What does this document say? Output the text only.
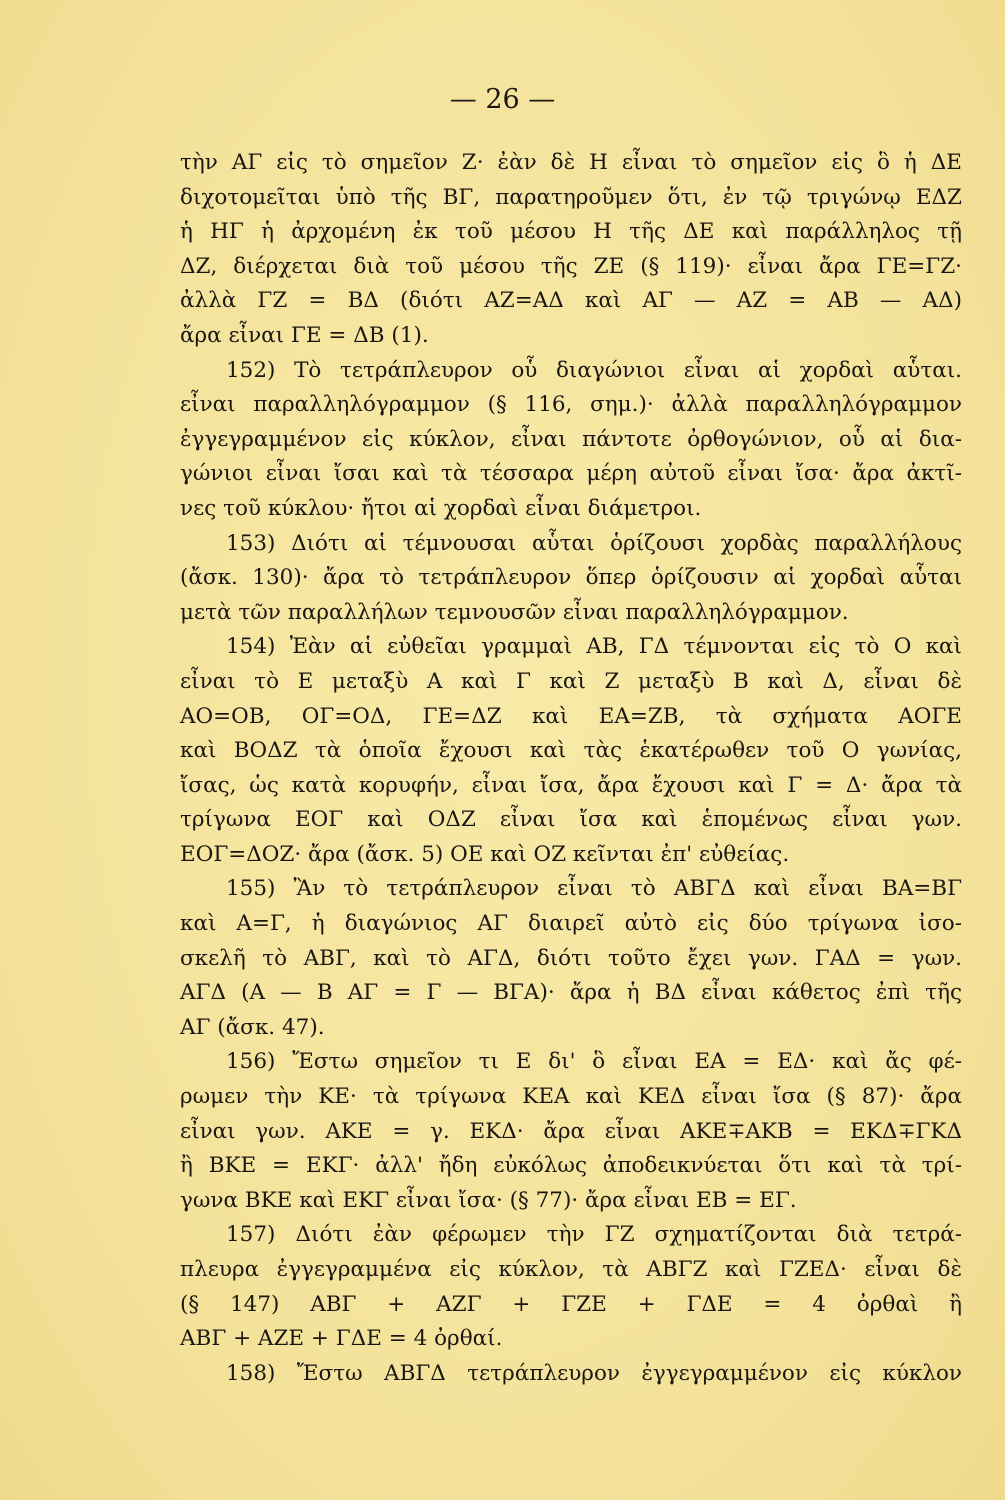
— 26 —
τὴν ΑΓ εἰς τὸ σημεῖον Ζ· ἐὰν δὲ Η εἶναι τὸ σημεῖον εἰς ὃ ἡ ΔΕ
διχοτομεῖται ὑπὸ τῆς ΒΓ, παρατηροῦμεν ὅτι, ἐν τῷ τριγώνῳ ΕΔΖ
ἡ ΗΓ ἡ ἀρχομένη ἐκ τοῦ μέσου Η τῆς ΔΕ καὶ παράλληλος τῇ
ΔΖ, διέρχεται διὰ τοῦ μέσου τῆς ΖΕ (§ 119)· εἶναι ἄρα ΓΕ=ΓΖ·
ἀλλὰ ΓΖ = ΒΔ (διότι ΑΖ=ΑΔ καὶ ΑΓ — ΑΖ = ΑΒ — ΑΔ)
ἄρα εἶναι ΓΕ = ΔΒ (1).
152) Τὸ τετράπλευρον οὗ διαγώνιοι εἶναι αἱ χορδαὶ αὗται.
εἶναι παραλληλόγραμμον (§ 116, σημ.)· ἀλλὰ παραλληλόγραμμον
ἐγγεγραμμένον εἰς κύκλον, εἶναι πάντοτε ὀρθογώνιον, οὗ αἱ δια-
γώνιοι εἶναι ἴσαι καὶ τὰ τέσσαρα μέρη αὐτοῦ εἶναι ἴσα· ἄρα ἀκτῖ-
νες τοῦ κύκλου· ἤτοι αἱ χορδαὶ εἶναι διάμετροι.
153) Διότι αἱ τέμνουσαι αὗται ὁρίζουσι χορδὰς παραλλήλους
(ἄσκ. 130)· ἄρα τὸ τετράπλευρον ὅπερ ὁρίζουσιν αἱ χορδαὶ αὗται
μετὰ τῶν παραλλήλων τεμνουσῶν εἶναι παραλληλόγραμμον.
154) Ἐὰν αἱ εὐθεῖαι γραμμαὶ ΑΒ, ΓΔ τέμνονται εἰς τὸ Ο καὶ
εἶναι τὸ Ε μεταξὺ Α καὶ Γ καὶ Ζ μεταξὺ Β καὶ Δ, εἶναι δὲ
ΑΟ=ΟΒ, ΟΓ=ΟΔ, ΓΕ=ΔΖ καὶ ΕΑ=ΖΒ, τὰ σχήματα ΑΟΓΕ
καὶ ΒΟΔΖ τὰ ὁποῖα ἔχουσι καὶ τὰς ἑκατέρωθεν τοῦ Ο γωνίας,
ἴσας, ὡς κατὰ κορυφήν, εἶναι ἴσα, ἄρα ἔχουσι καὶ Γ = Δ· ἄρα τὰ
τρίγωνα ΕΟΓ καὶ ΟΔΖ εἶναι ἴσα καὶ ἑπομένως εἶναι γων.
ΕΟΓ=ΔΟΖ· ἄρα (ἄσκ. 5) ΟΕ καὶ ΟΖ κεῖνται ἐπ' εὐθείας.
155) Ἂν τὸ τετράπλευρον εἶναι τὸ ΑΒΓΔ καὶ εἶναι ΒΑ=ΒΓ
καὶ Α=Γ, ἡ διαγώνιος ΑΓ διαιρεῖ αὐτὸ εἰς δύο τρίγωνα ἰσο-
σκελῆ τὸ ΑΒΓ, καὶ τὸ ΑΓΔ, διότι τοῦτο ἔχει γων. ΓΑΔ = γων.
ΑΓΔ (Α — Β ΑΓ = Γ — ΒΓΑ)· ἄρα ἡ ΒΔ εἶναι κάθετος ἐπὶ τῆς
ΑΓ (ἄσκ. 47).
156) Ἔστω σημεῖον τι Ε δι' ὃ εἶναι ΕΑ = ΕΔ· καὶ ἄς φέ-
ρωμεν τὴν ΚΕ· τὰ τρίγωνα ΚΕΑ καὶ ΚΕΔ εἶναι ἴσα (§ 87)· ἄρα
εἶναι γων. ΑΚΕ = γ. ΕΚΔ· ἄρα εἶναι ΑΚΕ∓ΑΚΒ = ΕΚΔ∓ΓΚΔ
ἢ ΒΚΕ = ΕΚΓ· ἀλλ' ἤδη εὐκόλως ἀποδεικνύεται ὅτι καὶ τὰ τρί-
γωνα ΒΚΕ καὶ ΕΚΓ εἶναι ἴσα· (§ 77)· ἄρα εἶναι ΕΒ = ΕΓ.
157) Διότι ἐὰν φέρωμεν τὴν ΓΖ σχηματίζονται διὰ τετρά-
πλευρα ἐγγεγραμμένα εἰς κύκλον, τὰ ΑΒΓΖ καὶ ΓΖΕΔ· εἶναι δὲ
(§ 147) ΑΒΓ + ΑΖΓ + ΓΖΕ + ΓΔΕ = 4 ὀρθαὶ ἢ
ΑΒΓ + ΑΖΕ + ΓΔΕ = 4 ὀρθαί.
158) Ἔστω ΑΒΓΔ τετράπλευρον ἐγγεγραμμένον εἰς κύκλον
